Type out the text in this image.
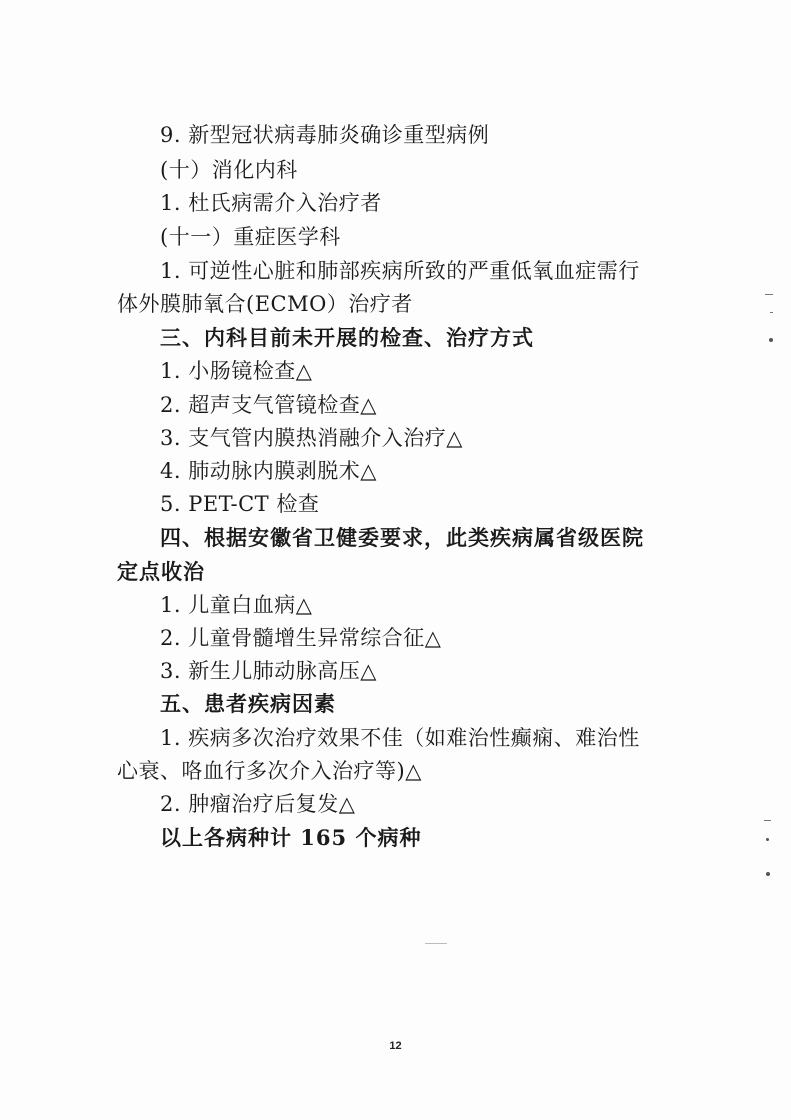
9. 新型冠状病毒肺炎确诊重型病例
(十）消化内科
1. 杜氏病需介入治疗者
(十一）重症医学科
1. 可逆性心脏和肺部疾病所致的严重低氧血症需行
体外膜肺氧合(ECMO）治疗者
三、内科目前未开展的检查、治疗方式
1. 小肠镜检查△
2. 超声支气管镜检查△
3. 支气管内膜热消融介入治疗△
4. 肺动脉内膜剥脱术△
5. PET-CT 检查
四、根据安徽省卫健委要求，此类疾病属省级医院
定点收治
1. 儿童白血病△
2. 儿童骨髓增生异常综合征△
3. 新生儿肺动脉高压△
五、患者疾病因素
1. 疾病多次治疗效果不佳（如难治性癫痫、难治性
心衰、咯血行多次介入治疗等)△
2. 肿瘤治疗后复发△
以上各病种计 165 个病种
12
